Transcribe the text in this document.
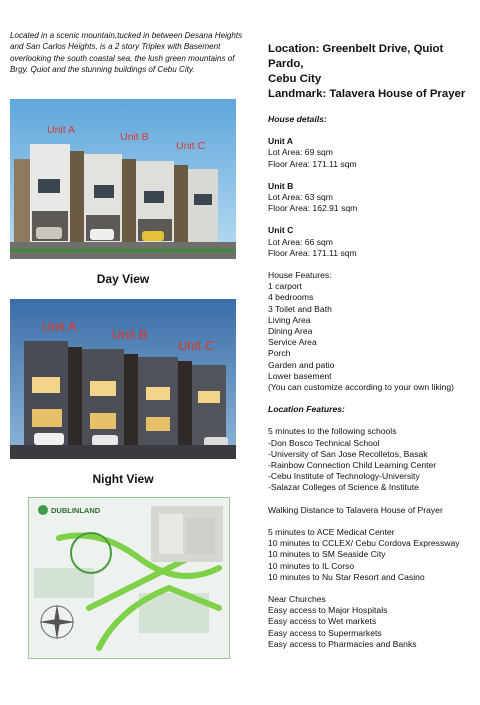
Located in a scenic mountain,tucked in between Desana Heights and San Carlos Heights, is a 2 story Triplex with Basement overlooking the south coastal sea, the lush green mountains of Brgy. Quiot and the stunning buildings of Cebu City.
Unit A
Unit B
Unit C
Day View
Unit A
Unit B
Unit C
Night View
DUBLINLAND
Location: Greenbelt Drive, Quiot Pardo,
Cebu City
Landmark: Talavera House of Prayer
House details:
Unit A
Lot Area: 69 sqm
Floor Area: 171.11 sqm
Unit B
Lot Area: 63 sqm
Floor Area: 162.91 sqm
Unit C
Lot Area: 66 sqm
Floor Area: 171.11 sqm
House Features:
1 carport
4 bedrooms
3 Toilet and Bath
Living Area
Dining Area
Service Area
Porch
Garden and patio
Lower basement
(You can customize according to your own liking)
Location Features:
5 minutes to the following schools
-Don Bosco Technical School
-University of San Jose Recolletos, Basak
-Rainbow Connection Child Learning Center
-Cebu Institute of Technology-University
-Salazar Colleges of Science & Institute
Walking Distance to Talavera House of Prayer
5 minutes to ACE Medical Center
10 minutes to CCLEX/ Cebu Cordova Expressway
10 minutes to SM Seaside City
10 minutes to IL Corso
10 minutes to Nu Star Resort and Casino
Near Churches
Easy access to Major Hospitals
Easy access to Wet markets
Easy access to Supermarkets
Easy access to Pharmacies and Banks
